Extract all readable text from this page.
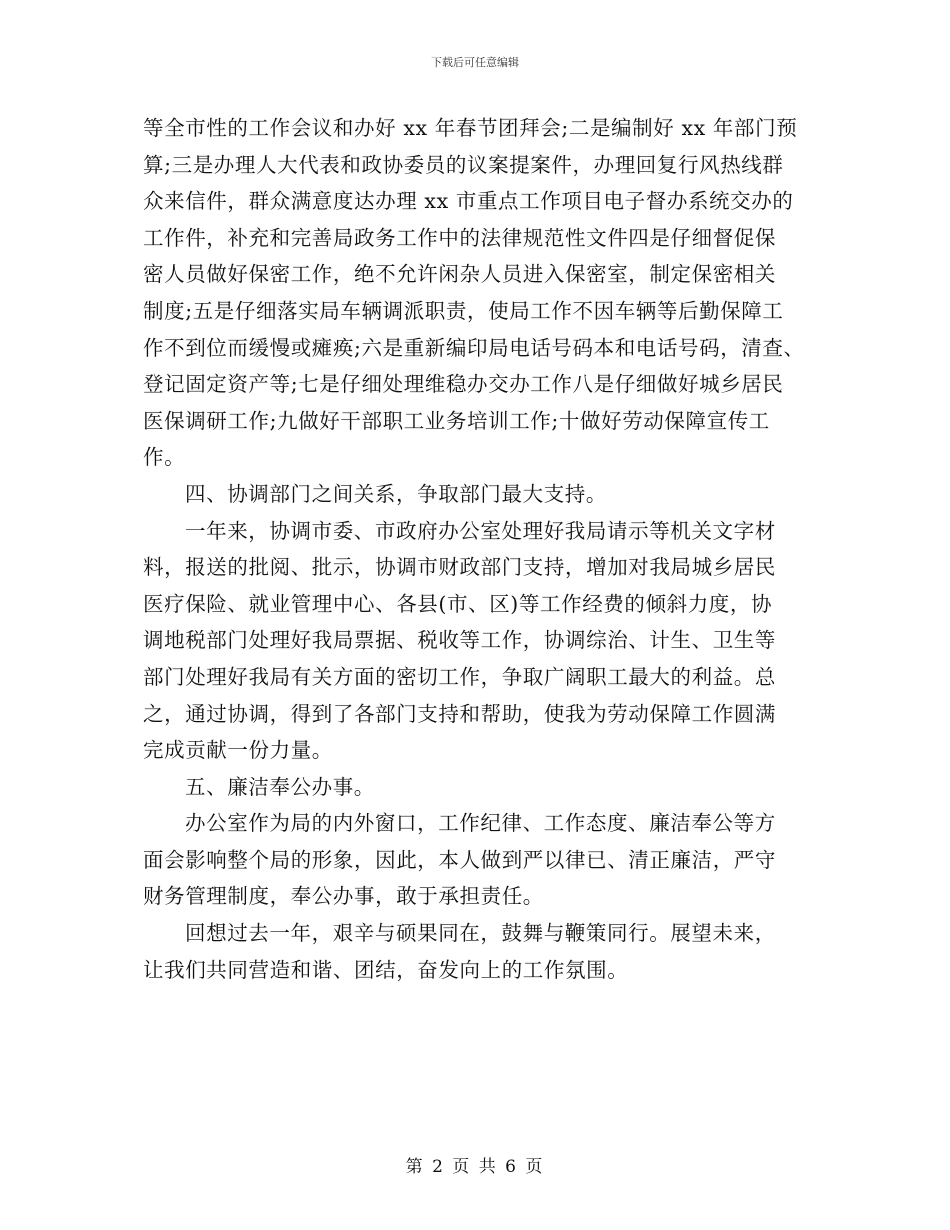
下载后可任意编辑
等全市性的工作会议和办好 xx 年春节团拜会;二是编制好 xx 年部门预
算;三是办理人大代表和政协委员的议案提案件，办理回复行风热线群
众来信件，群众满意度达办理 xx 市重点工作项目电子督办系统交办的
工作件，补充和完善局政务工作中的法律规范性文件四是仔细督促保
密人员做好保密工作，绝不允许闲杂人员进入保密室，制定保密相关
制度;五是仔细落实局车辆调派职责，使局工作不因车辆等后勤保障工
作不到位而缓慢或瘫痪;六是重新编印局电话号码本和电话号码，清查、
登记固定资产等;七是仔细处理维稳办交办工作八是仔细做好城乡居民
医保调研工作;九做好干部职工业务培训工作;十做好劳动保障宣传工
作。
四、协调部门之间关系，争取部门最大支持。
一年来，协调市委、市政府办公室处理好我局请示等机关文字材
料，报送的批阅、批示，协调市财政部门支持，增加对我局城乡居民
医疗保险、就业管理中心、各县(市、区)等工作经费的倾斜力度，协
调地税部门处理好我局票据、税收等工作，协调综治、计生、卫生等
部门处理好我局有关方面的密切工作，争取广阔职工最大的利益。总
之，通过协调，得到了各部门支持和帮助，使我为劳动保障工作圆满
完成贡献一份力量。
五、廉洁奉公办事。
办公室作为局的内外窗口，工作纪律、工作态度、廉洁奉公等方
面会影响整个局的形象，因此，本人做到严以律已、清正廉洁，严守
财务管理制度，奉公办事，敢于承担责任。
回想过去一年，艰辛与硕果同在，鼓舞与鞭策同行。展望未来，
让我们共同营造和谐、团结，奋发向上的工作氛围。
第 2 页 共 6 页
